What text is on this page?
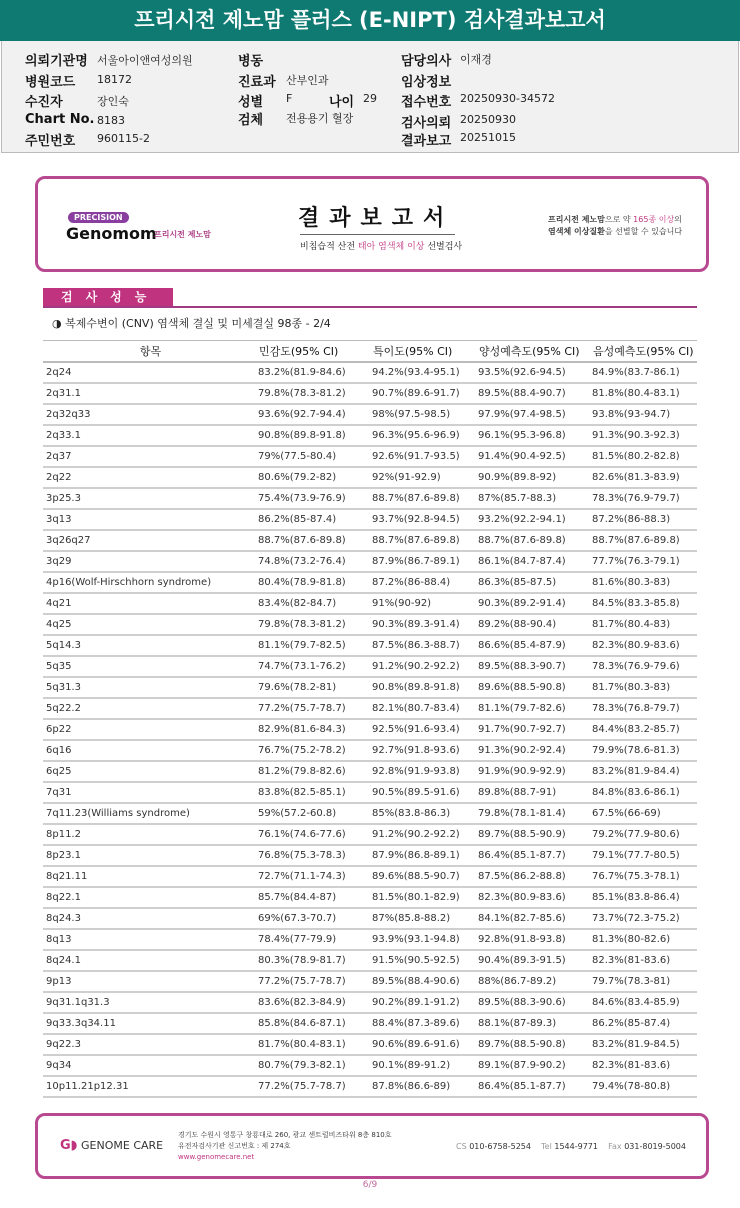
프리시전 제노맘 플러스 (E-NIPT) 검사결과보고서
의뢰기관명 서울아이앤여성의원
병원코드 18172
수진자	장인숙
Chart No. 8183
주민번호 960115-2
병동
진료과 산부인과
성별 F	나이 29
검체 전용용기 혈장
담당의사 이재경
임상정보
접수번호 20250930-34572
검사의뢰 20250930
결과보고 20251015
PRECISION
Genomom
프리시전 제노맘
결과보고서
비침습적 산전 태아 염색체 이상 선별검사
프리시전 제노맘으로 약 165종 이상의
염색체 이상질환을 선별할 수 있습니다
검사성능
◑ 복제수변이 (CNV) 염색체 결실 및 미세결실 98종 - 2/4
항목	민감도(95% CI)	특이도(95% CI)	양성예측도(95% CI)	음성예측도(95% CI)
2q24	83.2%(81.9-84.6)	94.2%(93.4-95.1)	93.5%(92.6-94.5)	84.9%(83.7-86.1)
2q31.1	79.8%(78.3-81.2)	90.7%(89.6-91.7)	89.5%(88.4-90.7)	81.8%(80.4-83.1)
2q32q33	93.6%(92.7-94.4)	98%(97.5-98.5)	97.9%(97.4-98.5)	93.8%(93-94.7)
2q33.1	90.8%(89.8-91.8)	96.3%(95.6-96.9)	96.1%(95.3-96.8)	91.3%(90.3-92.3)
2q37	79%(77.5-80.4)	92.6%(91.7-93.5)	91.4%(90.4-92.5)	81.5%(80.2-82.8)
2q22	80.6%(79.2-82)	92%(91-92.9)	90.9%(89.8-92)	82.6%(81.3-83.9)
3p25.3	75.4%(73.9-76.9)	88.7%(87.6-89.8)	87%(85.7-88.3)	78.3%(76.9-79.7)
3q13	86.2%(85-87.4)	93.7%(92.8-94.5)	93.2%(92.2-94.1)	87.2%(86-88.3)
3q26q27	88.7%(87.6-89.8)	88.7%(87.6-89.8)	88.7%(87.6-89.8)	88.7%(87.6-89.8)
3q29	74.8%(73.2-76.4)	87.9%(86.7-89.1)	86.1%(84.7-87.4)	77.7%(76.3-79.1)
4p16(Wolf-Hirschhorn syndrome)	80.4%(78.9-81.8)	87.2%(86-88.4)	86.3%(85-87.5)	81.6%(80.3-83)
4q21	83.4%(82-84.7)	91%(90-92)	90.3%(89.2-91.4)	84.5%(83.3-85.8)
4q25	79.8%(78.3-81.2)	90.3%(89.3-91.4)	89.2%(88-90.4)	81.7%(80.4-83)
5q14.3	81.1%(79.7-82.5)	87.5%(86.3-88.7)	86.6%(85.4-87.9)	82.3%(80.9-83.6)
5q35	74.7%(73.1-76.2)	91.2%(90.2-92.2)	89.5%(88.3-90.7)	78.3%(76.9-79.6)
5q31.3	79.6%(78.2-81)	90.8%(89.8-91.8)	89.6%(88.5-90.8)	81.7%(80.3-83)
5q22.2	77.2%(75.7-78.7)	82.1%(80.7-83.4)	81.1%(79.7-82.6)	78.3%(76.8-79.7)
6p22	82.9%(81.6-84.3)	92.5%(91.6-93.4)	91.7%(90.7-92.7)	84.4%(83.2-85.7)
6q16	76.7%(75.2-78.2)	92.7%(91.8-93.6)	91.3%(90.2-92.4)	79.9%(78.6-81.3)
6q25	81.2%(79.8-82.6)	92.8%(91.9-93.8)	91.9%(90.9-92.9)	83.2%(81.9-84.4)
7q31	83.8%(82.5-85.1)	90.5%(89.5-91.6)	89.8%(88.7-91)	84.8%(83.6-86.1)
7q11.23(Williams syndrome)	59%(57.2-60.8)	85%(83.8-86.3)	79.8%(78.1-81.4)	67.5%(66-69)
8p11.2	76.1%(74.6-77.6)	91.2%(90.2-92.2)	89.7%(88.5-90.9)	79.2%(77.9-80.6)
8p23.1	76.8%(75.3-78.3)	87.9%(86.8-89.1)	86.4%(85.1-87.7)	79.1%(77.7-80.5)
8q21.11	72.7%(71.1-74.3)	89.6%(88.5-90.7)	87.5%(86.2-88.8)	76.7%(75.3-78.1)
8q22.1	85.7%(84.4-87)	81.5%(80.1-82.9)	82.3%(80.9-83.6)	85.1%(83.8-86.4)
8q24.3	69%(67.3-70.7)	87%(85.8-88.2)	84.1%(82.7-85.6)	73.7%(72.3-75.2)
8q13	78.4%(77-79.9)	93.9%(93.1-94.8)	92.8%(91.8-93.8)	81.3%(80-82.6)
8q24.1	80.3%(78.9-81.7)	91.5%(90.5-92.5)	90.4%(89.3-91.5)	82.3%(81-83.6)
9p13	77.2%(75.7-78.7)	89.5%(88.4-90.6)	88%(86.7-89.2)	79.7%(78.3-81)
9q31.1q31.3	83.6%(82.3-84.9)	90.2%(89.1-91.2)	89.5%(88.3-90.6)	84.6%(83.4-85.9)
9q33.3q34.11	85.8%(84.6-87.1)	88.4%(87.3-89.6)	88.1%(87-89.3)	86.2%(85-87.4)
9q22.3	81.7%(80.4-83.1)	90.6%(89.6-91.6)	89.7%(88.5-90.8)	83.2%(81.9-84.5)
9q34	80.7%(79.3-82.1)	90.1%(89-91.2)	89.1%(87.9-90.2)	82.3%(81-83.6)
10p11.21p12.31	77.2%(75.7-78.7)	87.8%(86.6-89)	86.4%(85.1-87.7)	79.4%(78-80.8)
G◗ GENOME CARE
경기도 수원시 영통구 창룡대로 260, 광교 센트럴비즈타워 8층 810호
유전자검사기관 신고번호 : 제 274호
www.genomecare.net
CS 010-6758-5254 Tel 1544-9771 Fax 031-8019-5004
6/9
